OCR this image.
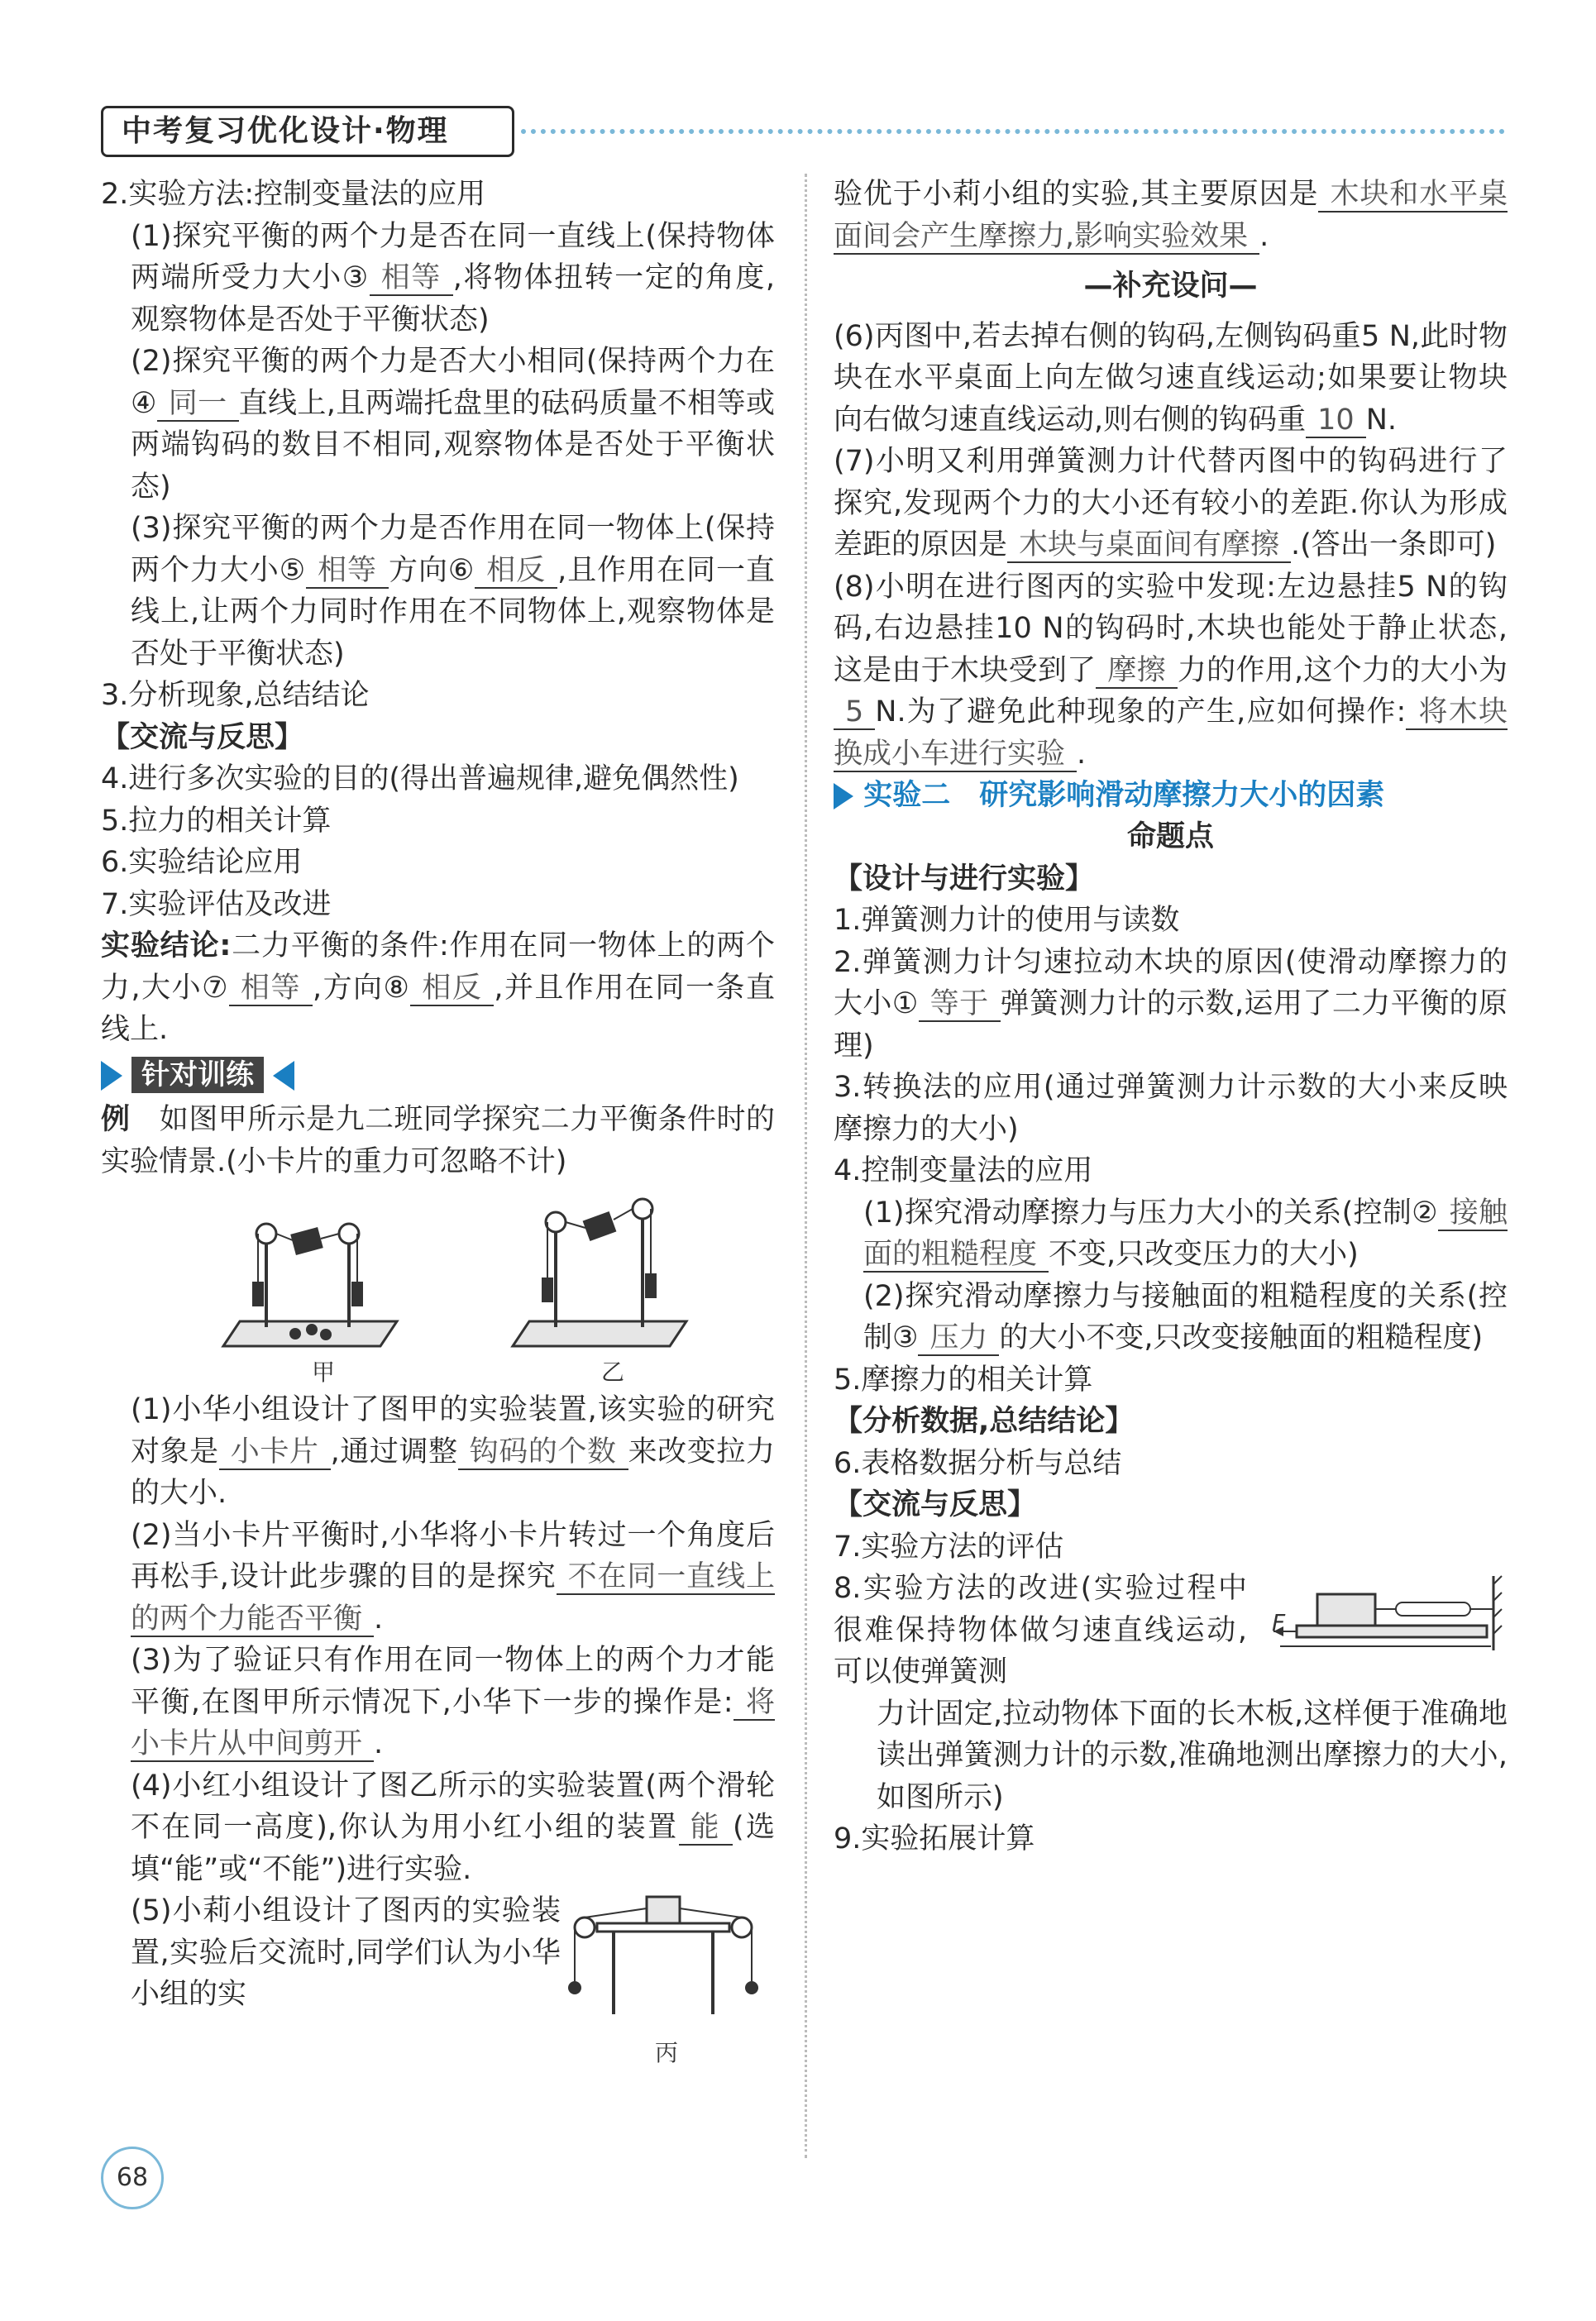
中考复习优化设计·物理

2.实验方法:控制变量法的应用

(1)探究平衡的两个力是否在同一直线上(保持物体两端所受力大小③ 相等 ,将物体扭转一定的角度,观察物体是否处于平衡状态)

(2)探究平衡的两个力是否大小相同(保持两个力在④ 同一 直线上,且两端托盘里的砝码质量不相等或两端钩码的数目不相同,观察物体是否处于平衡状态)

(3)探究平衡的两个力是否作用在同一物体上(保持两个力大小⑤ 相等 方向⑥ 相反 ,且作用在同一直线上,让两个力同时作用在不同物体上,观察物体是否处于平衡状态)

3.分析现象,总结结论

【交流与反思】

4.进行多次实验的目的(得出普遍规律,避免偶然性)

5.拉力的相关计算

6.实验结论应用

7.实验评估及改进

实验结论:二力平衡的条件:作用在同一物体上的两个力,大小⑦ 相等 ,方向⑧ 相反 ,并且作用在同一条直线上.

针对训练

例　 如图甲所示是九二班同学探究二力平衡条件时的实验情景.(小卡片的重力可忽略不计)

甲	乙

(1)小华小组设计了图甲的实验装置,该实验的研究对象是 小卡片 ,通过调整 钩码的个数 来改变拉力的大小.

(2)当小卡片平衡时,小华将小卡片转过一个角度后再松手,设计此步骤的目的是探究 不在同一直线上的两个力能否平衡 .

(3)为了验证只有作用在同一物体上的两个力才能平衡,在图甲所示情况下,小华下一步的操作是: 将小卡片从中间剪开 .

(4)小红小组设计了图乙所示的实验装置(两个滑轮不在同一高度),你认为用小红小组的装置 能 (选填“能”或“不能”)进行实验.

(5)小莉小组设计了图丙的实验装置,实验后交流时,同学们认为小华小组的实

丙

验优于小莉小组的实验,其主要原因是 木块和水平桌面间会产生摩擦力,影响实验效果 .

—补充设问—

(6)丙图中,若去掉右侧的钩码,左侧钩码重5 N,此时物块在水平桌面上向左做匀速直线运动;如果要让物块向右做匀速直线运动,则右侧的钩码重 10 N.

(7)小明又利用弹簧测力计代替丙图中的钩码进行了探究,发现两个力的大小还有较小的差距.你认为形成差距的原因是 木块与桌面间有摩擦 .(答出一条即可)

(8)小明在进行图丙的实验中发现:左边悬挂5 N的钩码,右边悬挂10 N的钩码时,木块也能处于静止状态,这是由于木块受到了 摩擦 力的作用,这个力的大小为5 N.为了避免此种现象的产生,应如何操作: 将木块换成小车进行实验 .

实验二　研究影响滑动摩擦力大小的因素

命题点

【设计与进行实验】

1.弹簧测力计的使用与读数

2.弹簧测力计匀速拉动木块的原因(使滑动摩擦力的大小① 等于 弹簧测力计的示数,运用了二力平衡的原理)

3.转换法的应用(通过弹簧测力计示数的大小来反映摩擦力的大小)

4.控制变量法的应用

(1)探究滑动摩擦力与压力大小的关系(控制② 接触面的粗糙程度 不变,只改变压力的大小)

(2)探究滑动摩擦力与接触面的粗糙程度的关系(控制③ 压力 的大小不变,只改变接触面的粗糙程度)

5.摩擦力的相关计算

【分析数据,总结结论】

6.表格数据分析与总结

【交流与反思】

7.实验方法的评估

8.实验方法的改进(实验过程中很难保持物体做匀速直线运动,可以使弹簧测

F

力计固定,拉动物体下面的长木板,这样便于准确地读出弹簧测力计的示数,准确地测出摩擦力的大小,如图所示)

9.实验拓展计算

68
